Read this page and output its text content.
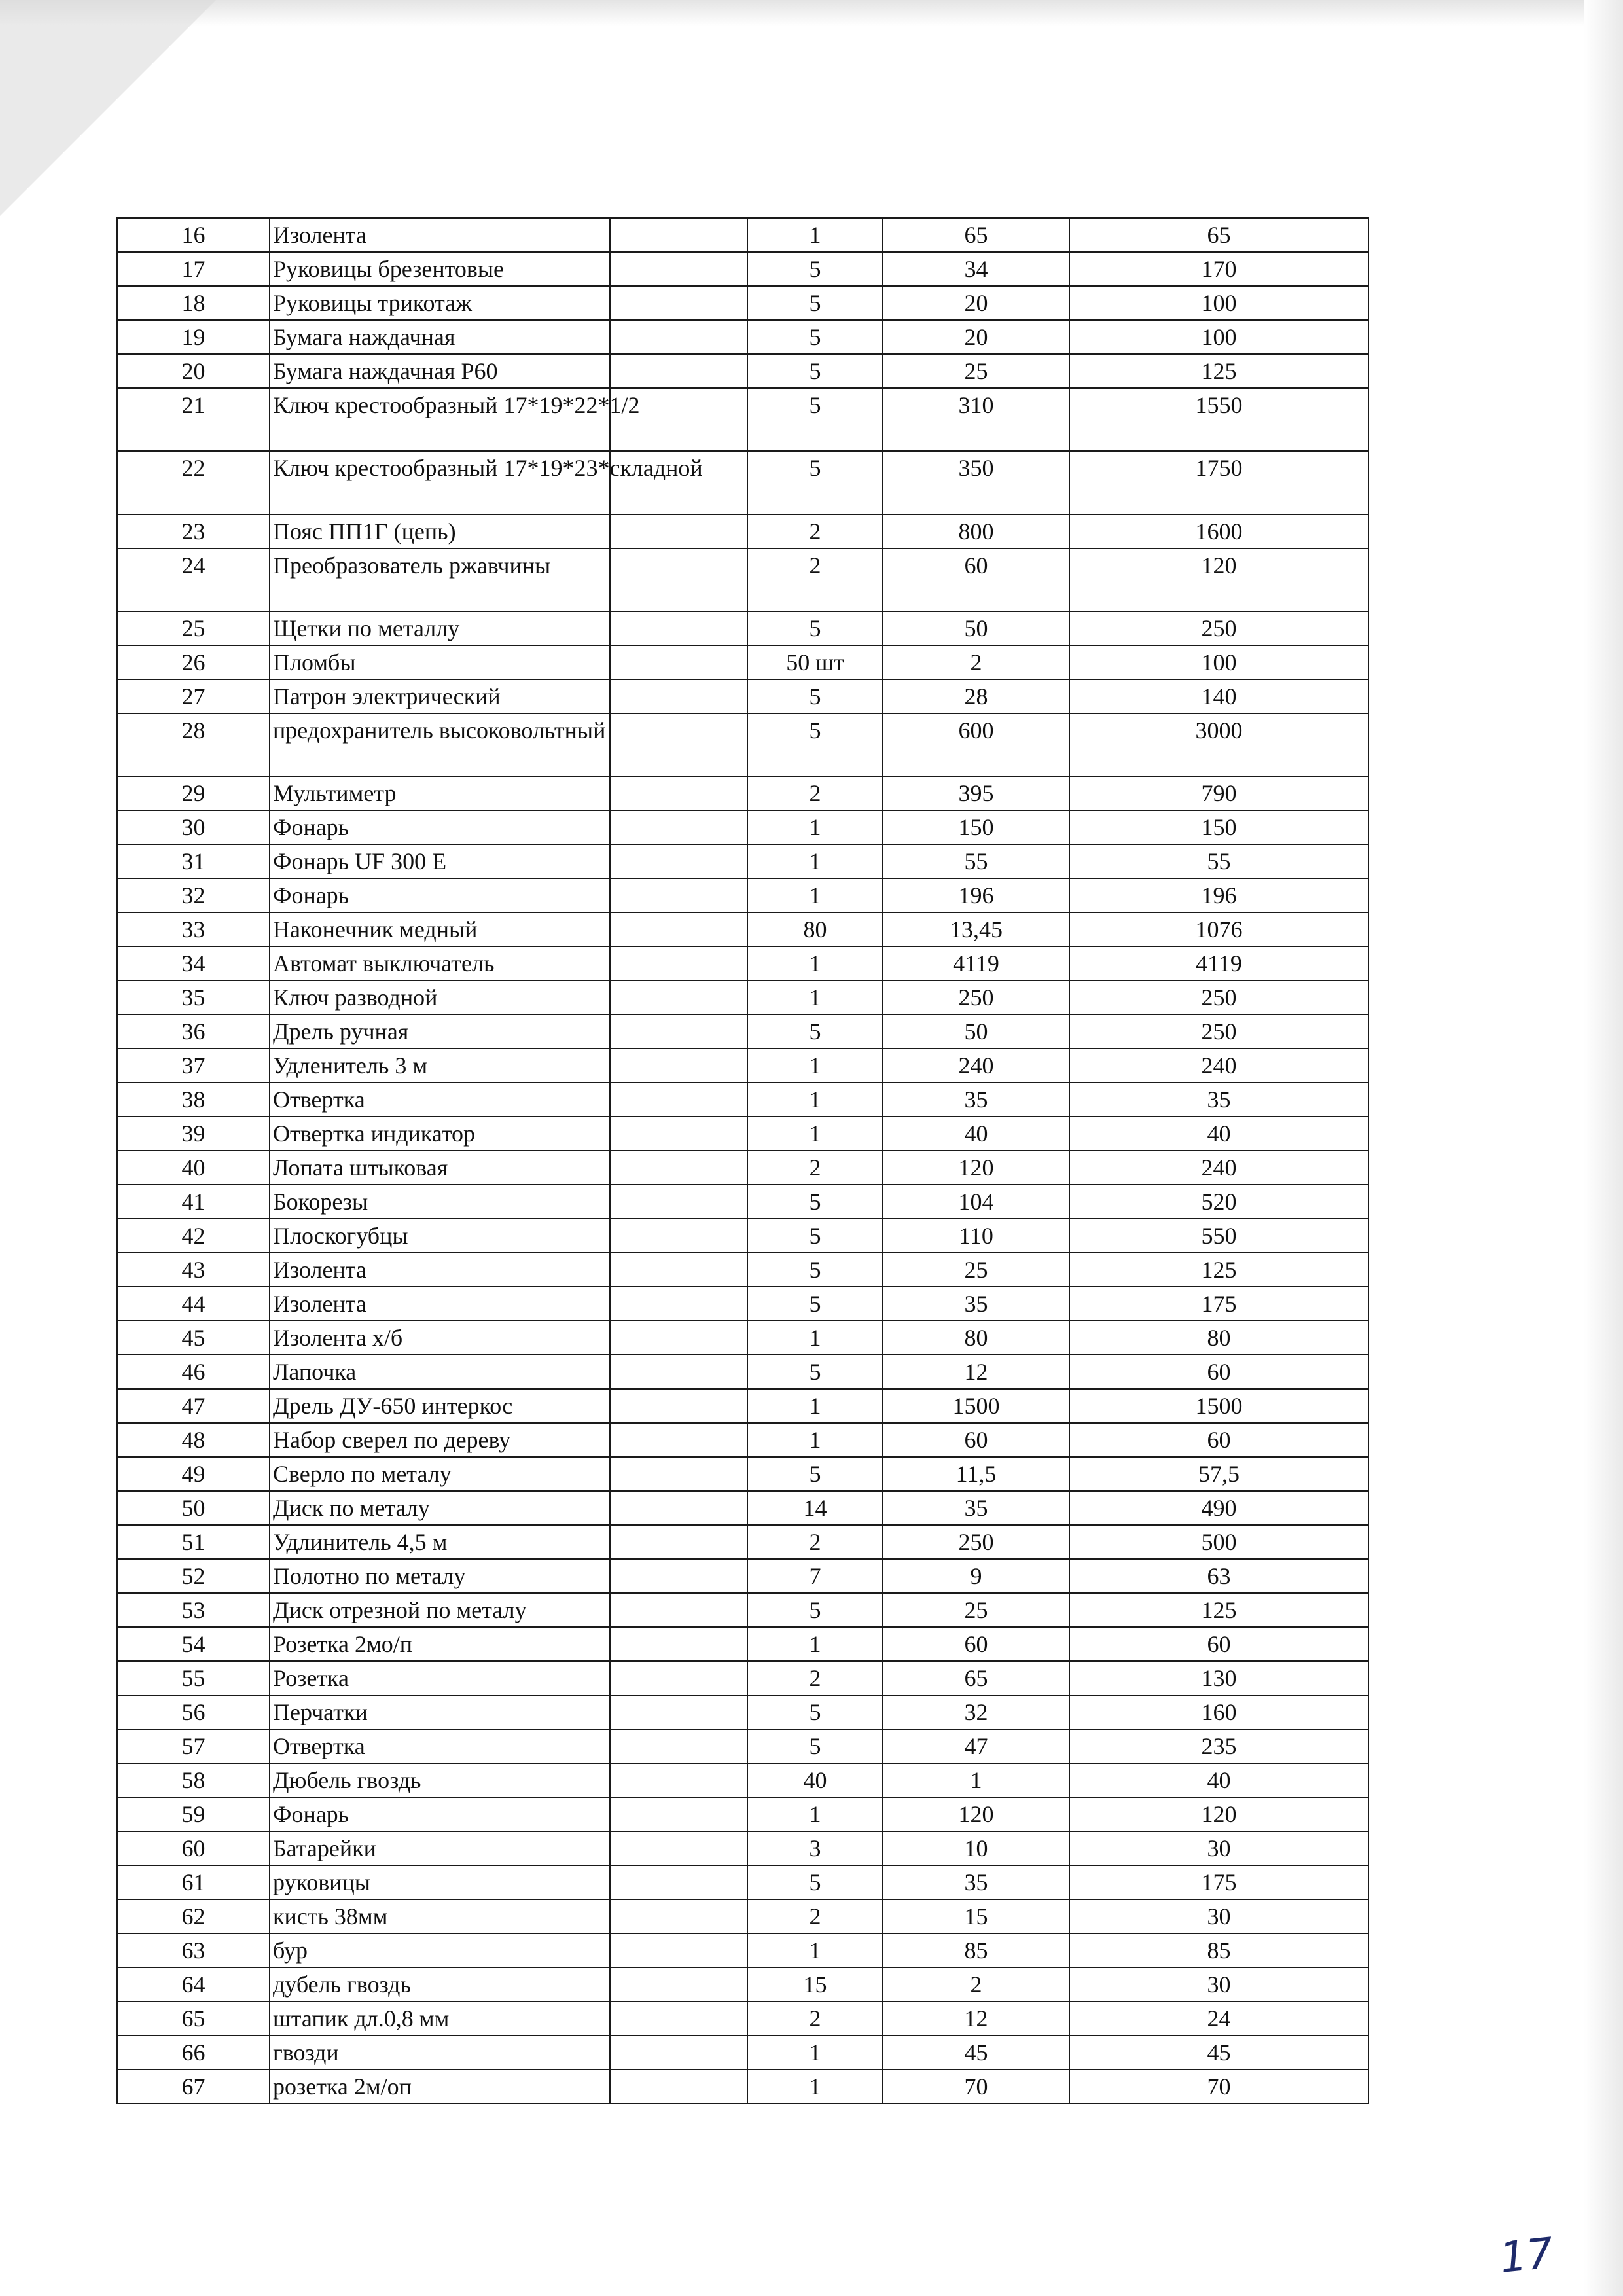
16	Изолента		1	65	65
17	Руковицы брезентовые		5	34	170
18	Руковицы трикотаж		5	20	100
19	Бумага наждачная		5	20	100
20	Бумага наждачная Р60		5	25	125
21	Ключ крестообразный 17*19*22*1/2		5	310	1550
22	Ключ крестообразный 17*19*23*складной		5	350	1750
23	Пояс ПП1Г (цепь)		2	800	1600
24	Преобразователь ржавчины		2	60	120
25	Щетки по металлу		5	50	250
26	Пломбы		50 шт	2	100
27	Патрон электрический		5	28	140
28	предохранитель высоковольтный		5	600	3000
29	Мультиметр		2	395	790
30	Фонарь		1	150	150
31	Фонарь UF 300 E		1	55	55
32	Фонарь		1	196	196
33	Наконечник медный		80	13,45	1076
34	Автомат выключатель		1	4119	4119
35	Ключ разводной		1	250	250
36	Дрель ручная		5	50	250
37	Удленитель 3 м		1	240	240
38	Отвертка		1	35	35
39	Отвертка индикатор		1	40	40
40	Лопата штыковая		2	120	240
41	Бокорезы		5	104	520
42	Плоскогубцы		5	110	550
43	Изолента		5	25	125
44	Изолента		5	35	175
45	Изолента х/б		1	80	80
46	Лапочка		5	12	60
47	Дрель ДУ-650 интеркос		1	1500	1500
48	Набор сверел по дереву		1	60	60
49	Сверло по металу		5	11,5	57,5
50	Диск по металу		14	35	490
51	Удлинитель 4,5 м		2	250	500
52	Полотно по металу		7	9	63
53	Диск отрезной по металу		5	25	125
54	Розетка 2мо/п		1	60	60
55	Розетка		2	65	130
56	Перчатки		5	32	160
57	Отвертка		5	47	235
58	Дюбель гвоздь		40	1	40
59	Фонарь		1	120	120
60	Батарейки		3	10	30
61	руковицы		5	35	175
62	кисть 38мм		2	15	30
63	бур		1	85	85
64	дубель гвоздь		15	2	30
65	штапик дл.0,8 мм		2	12	24
66	гвозди		1	45	45
67	розетка 2м/оп		1	70	70
17
